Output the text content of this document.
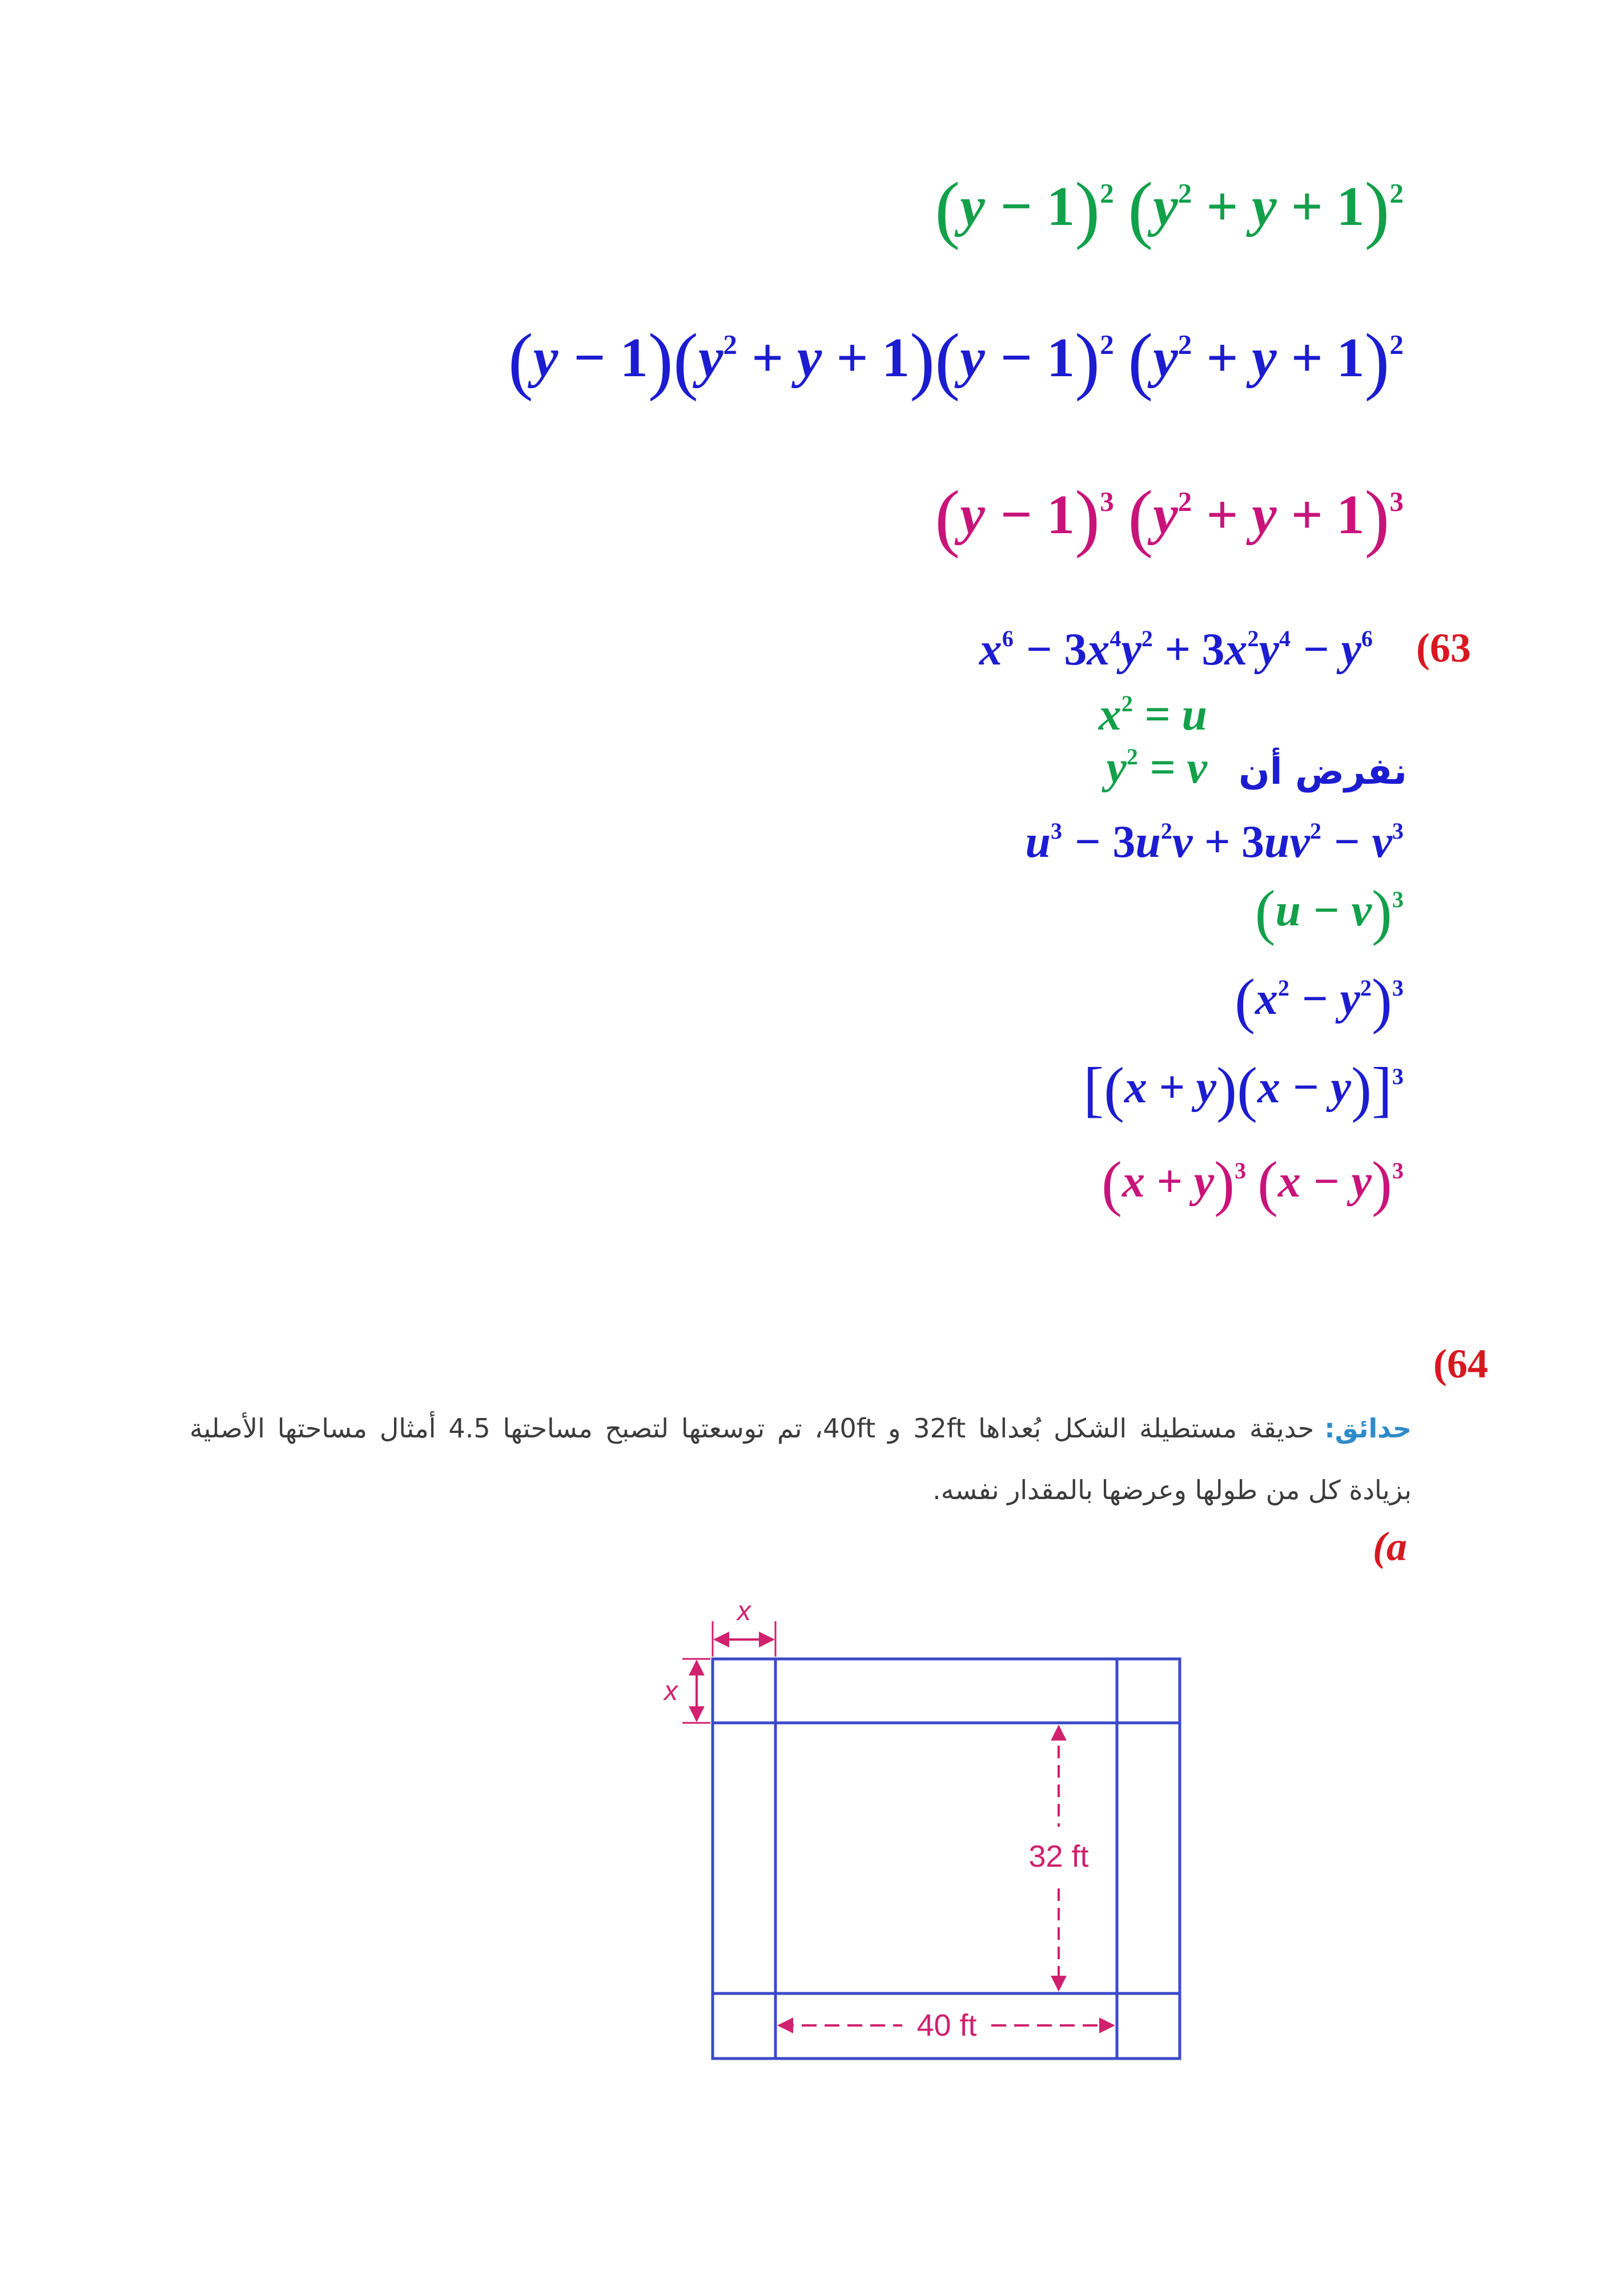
$(y - 1)^2$ $(y^2 + y + 1)^2$

$(y - 1)(y^2 + y + 1)(y - 1)^2$ $(y^2 + y + 1)^2$

$(y - 1)^3$ $(y^2 + y + 1)^3$

(63

$x^6 - 3x^4y^2 + 3x^2y^4 - y^6$

$x^2 = u$

$y^2 = v$ نفرض أن

$u^3 - 3u^2v + 3uv^2 - v^3$

$(u - v)^3$

$(x^2 - y^2)^3$

$[(x + y)(x - y)]^3$

$(x + y)^3$ $(x - y)^3$

(64
حدائق:حديقة مستطيلة الشكل بُعداها 32ft و 40ft، تم توسعتها لتصبح مساحتها 4.5 أمثال مساحتها الأصلية بزيادة كل من طولها وعرضها بالمقدار نفسه.
(a
x
x
32 ft
40 ft
